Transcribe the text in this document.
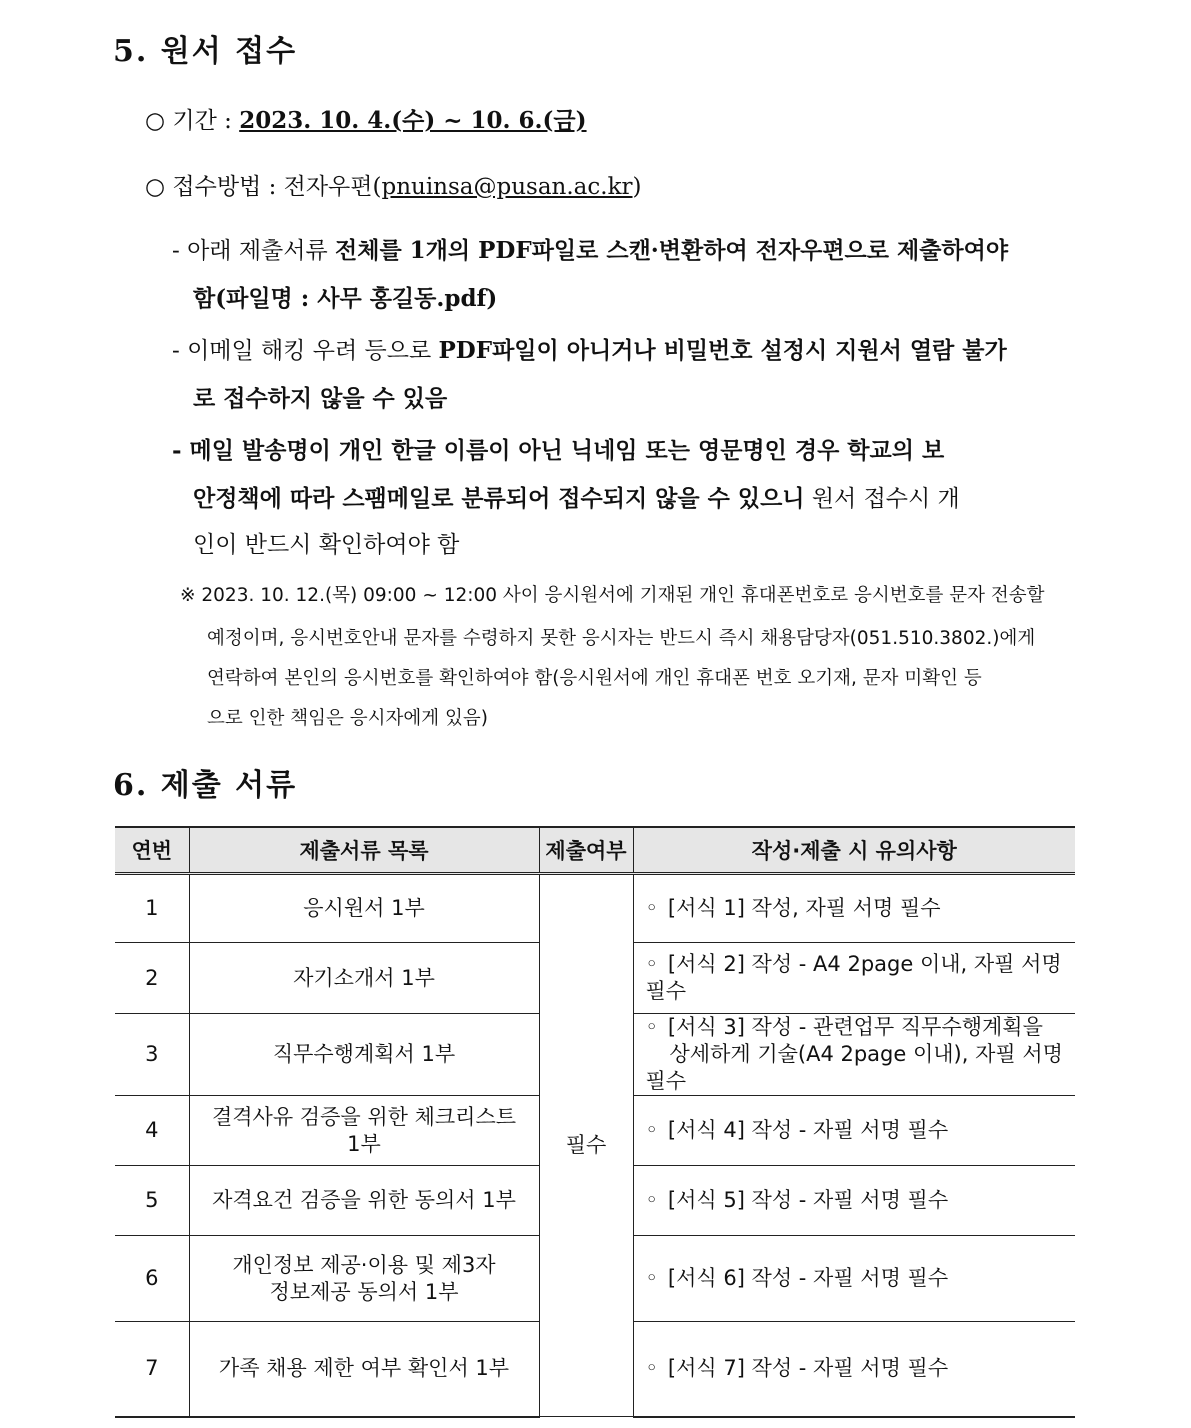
5. 원서 접수
○ 기간 : 2023. 10. 4.(수) ~ 10. 6.(금)
○ 접수방법 : 전자우편(pnuinsa@pusan.ac.kr)
- 아래 제출서류 전체를 1개의 PDF파일로 스캔·변환하여 전자우편으로 제출하여야
함(파일명 : 사무 홍길동.pdf)
- 이메일 해킹 우려 등으로 PDF파일이 아니거나 비밀번호 설정시 지원서 열람 불가
로 접수하지 않을 수 있음
- 메일 발송명이 개인 한글 이름이 아닌 닉네임 또는 영문명인 경우 학교의 보
안정책에 따라 스팸메일로 분류되어 접수되지 않을 수 있으니 원서 접수시 개
인이 반드시 확인하여야 함
※ 2023. 10. 12.(목) 09:00 ~ 12:00 사이 응시원서에 기재된 개인 휴대폰번호로 응시번호를 문자 전송할
예정이며, 응시번호안내 문자를 수령하지 못한 응시자는 반드시 즉시 채용담당자(051.510.3802.)에게
연락하여 본인의 응시번호를 확인하여야 함(응시원서에 개인 휴대폰 번호 오기재, 문자 미확인 등
으로 인한 책임은 응시자에게 있음)
6. 제출 서류
연번	제출서류 목록	제출여부	작성·제출 시 유의사항
1	응시원서 1부	필수	◦ [서식 1] 작성, 자필 서명 필수
2	자기소개서 1부		◦ [서식 2] 작성 - A4 2page 이내, 자필 서명 필수
3	직무수행계획서 1부		◦ [서식 3] 작성 - 관련업무 직무수행계획을
상세하게 기술(A4 2page 이내), 자필 서명 필수
4	결격사유 검증을 위한 체크리스트
1부		◦ [서식 4] 작성 - 자필 서명 필수
5	자격요건 검증을 위한 동의서 1부		◦ [서식 5] 작성 - 자필 서명 필수
6	개인정보 제공·이용 및 제3자
정보제공 동의서 1부		◦ [서식 6] 작성 - 자필 서명 필수
7	가족 채용 제한 여부 확인서 1부		◦ [서식 7] 작성 - 자필 서명 필수
